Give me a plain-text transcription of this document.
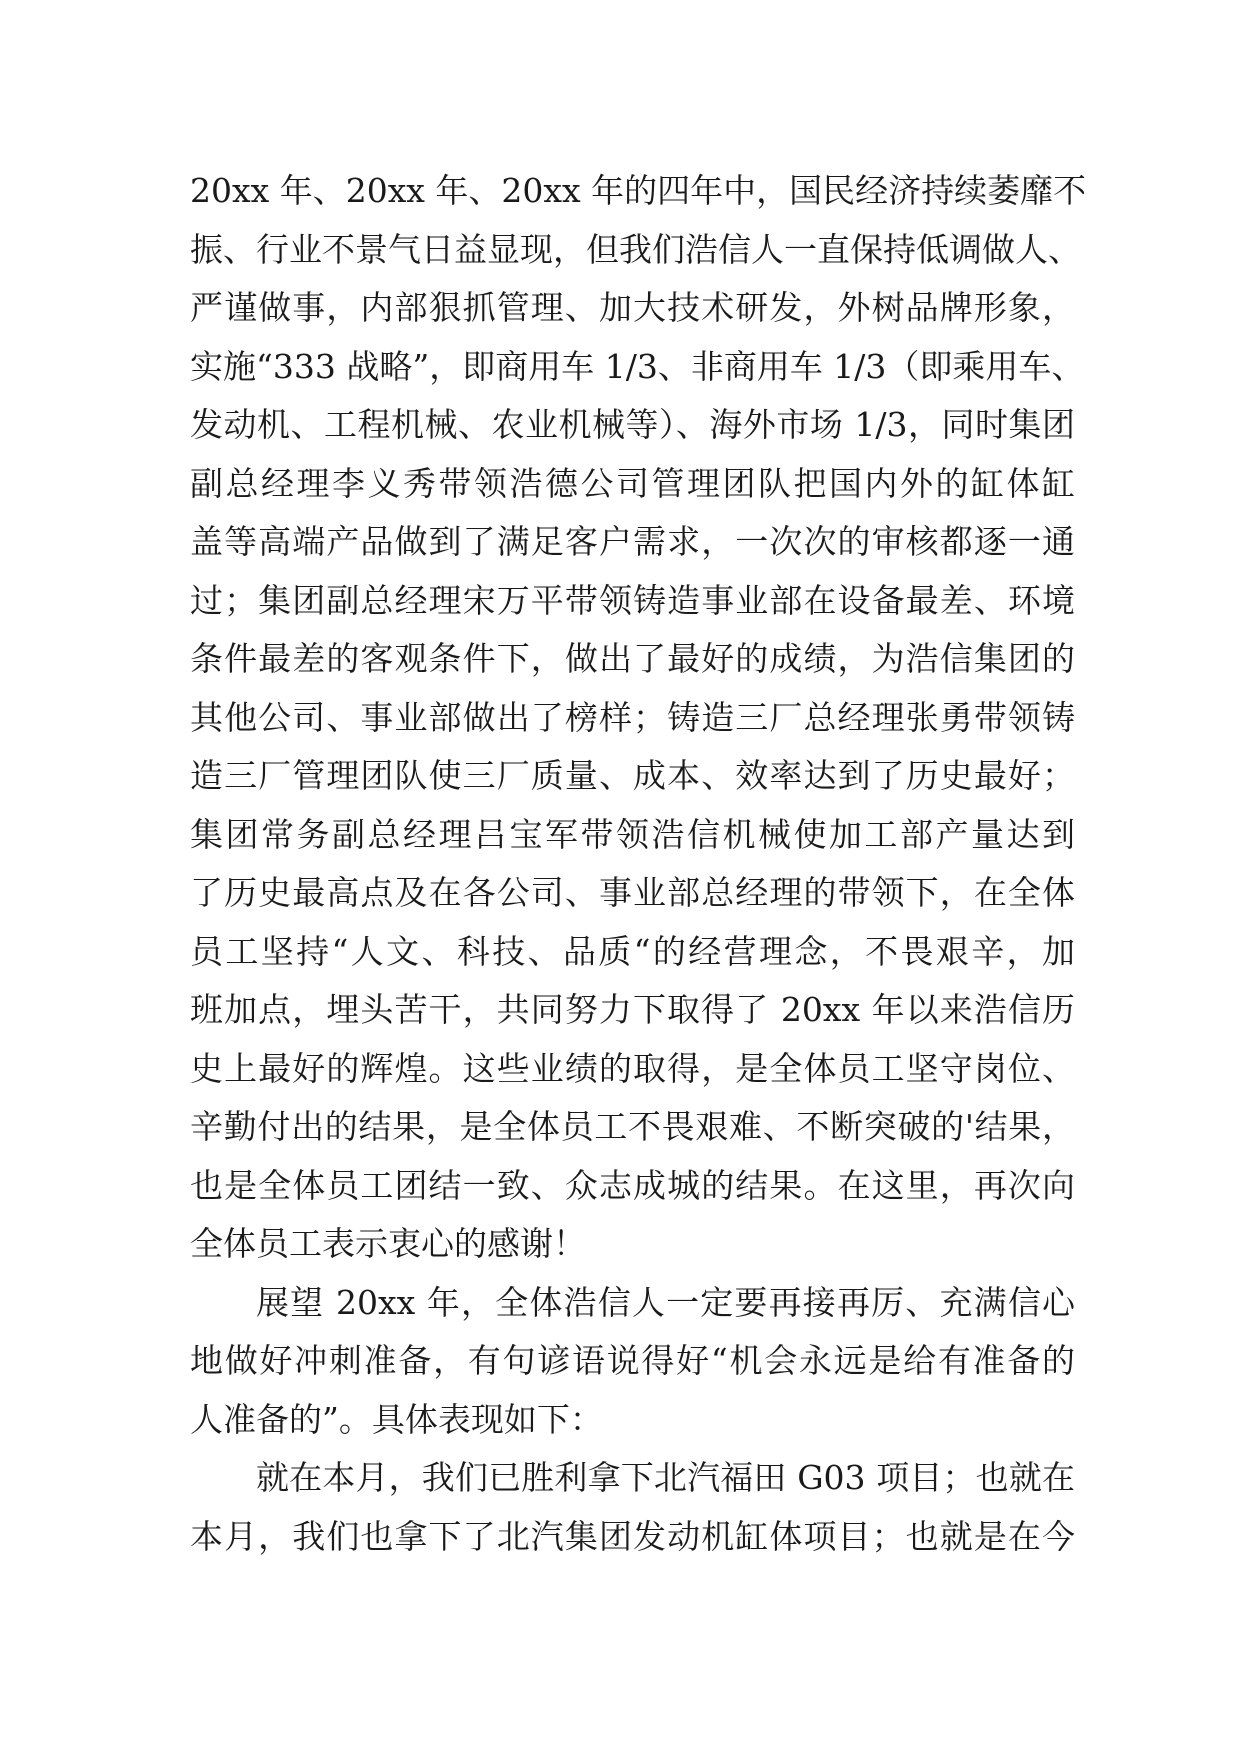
20xx 年、20xx 年、20xx 年的四年中，国民经济持续萎靡不
振、行业不景气日益显现，但我们浩信人一直保持低调做人、
严谨做事，内部狠抓管理、加大技术研发，外树品牌形象，
实施“333 战略”，即商用车 1/3、非商用车 1/3（即乘用车、
发动机、工程机械、农业机械等）、海外市场 1/3，同时集团
副总经理李义秀带领浩德公司管理团队把国内外的缸体缸
盖等高端产品做到了满足客户需求，一次次的审核都逐一通
过；集团副总经理宋万平带领铸造事业部在设备最差、环境
条件最差的客观条件下，做出了最好的成绩，为浩信集团的
其他公司、事业部做出了榜样；铸造三厂总经理张勇带领铸
造三厂管理团队使三厂质量、成本、效率达到了历史最好；
集团常务副总经理吕宝军带领浩信机械使加工部产量达到
了历史最高点及在各公司、事业部总经理的带领下，在全体
员工坚持“人文、科技、品质“的经营理念，不畏艰辛，加
班加点，埋头苦干，共同努力下取得了 20xx 年以来浩信历
史上最好的辉煌。这些业绩的取得，是全体员工坚守岗位、
辛勤付出的结果，是全体员工不畏艰难、不断突破的'结果，
也是全体员工团结一致、众志成城的结果。在这里，再次向
全体员工表示衷心的感谢！
展望 20xx 年，全体浩信人一定要再接再厉、充满信心
地做好冲刺准备，有句谚语说得好“机会永远是给有准备的
人准备的”。具体表现如下：
就在本月，我们已胜利拿下北汽福田 G03 项目；也就在
本月，我们也拿下了北汽集团发动机缸体项目；也就是在今
